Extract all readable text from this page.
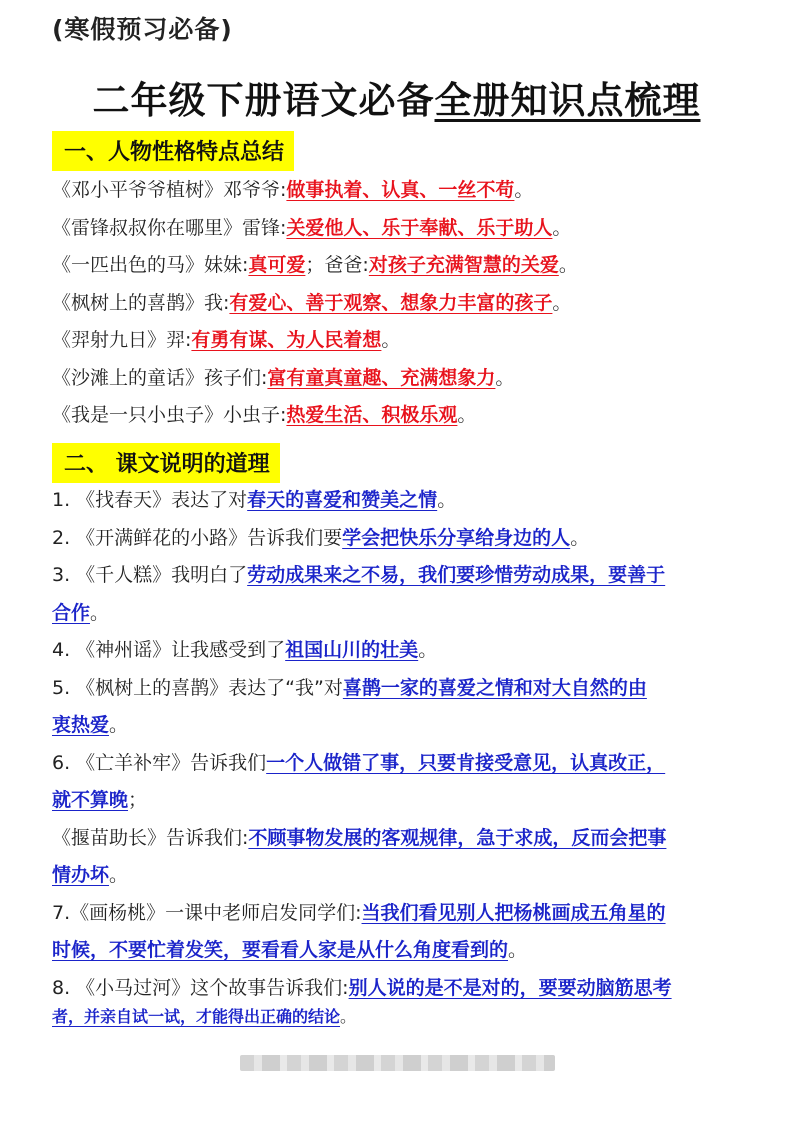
(寒假预习必备)
二年级下册语文必备全册知识点梳理
一、人物性格特点总结
《邓小平爷爷植树》邓爷爷:做事执着、认真、一丝不苟。
《雷锋叔叔你在哪里》雷锋:关爱他人、乐于奉献、乐于助人。
《一匹出色的马》妹妹:真可爱；爸爸:对孩子充满智慧的关爱。
《枫树上的喜鹊》我:有爱心、善于观察、想象力丰富的孩子。
《羿射九日》羿:有勇有谋、为人民着想。
《沙滩上的童话》孩子们:富有童真童趣、充满想象力。
《我是一只小虫子》小虫子:热爱生活、积极乐观。
二、 课文说明的道理
1. 《找春天》表达了对春天的喜爱和赞美之情。
2. 《开满鲜花的小路》告诉我们要学会把快乐分享给身边的人。
3. 《千人糕》我明白了劳动成果来之不易，我们要珍惜劳动成果，要善于
合作。
4. 《神州谣》让我感受到了祖国山川的壮美。
5. 《枫树上的喜鹊》表达了“我”对喜鹊一家的喜爱之情和对大自然的由
衷热爱。
6. 《亡羊补牢》告诉我们一个人做错了事，只要肯接受意见，认真改正，
就不算晚；
《揠苗助长》告诉我们:不顾事物发展的客观规律，急于求成，反而会把事
情办坏。
7.《画杨桃》一课中老师启发同学们:当我们看见别人把杨桃画成五角星的
时候，不要忙着发笑，要看看人家是从什么角度看到的。
8. 《小马过河》这个故事告诉我们:别人说的是不是对的，要要动脑筋思考
者，并亲自试一试，才能得出正确的结论。
